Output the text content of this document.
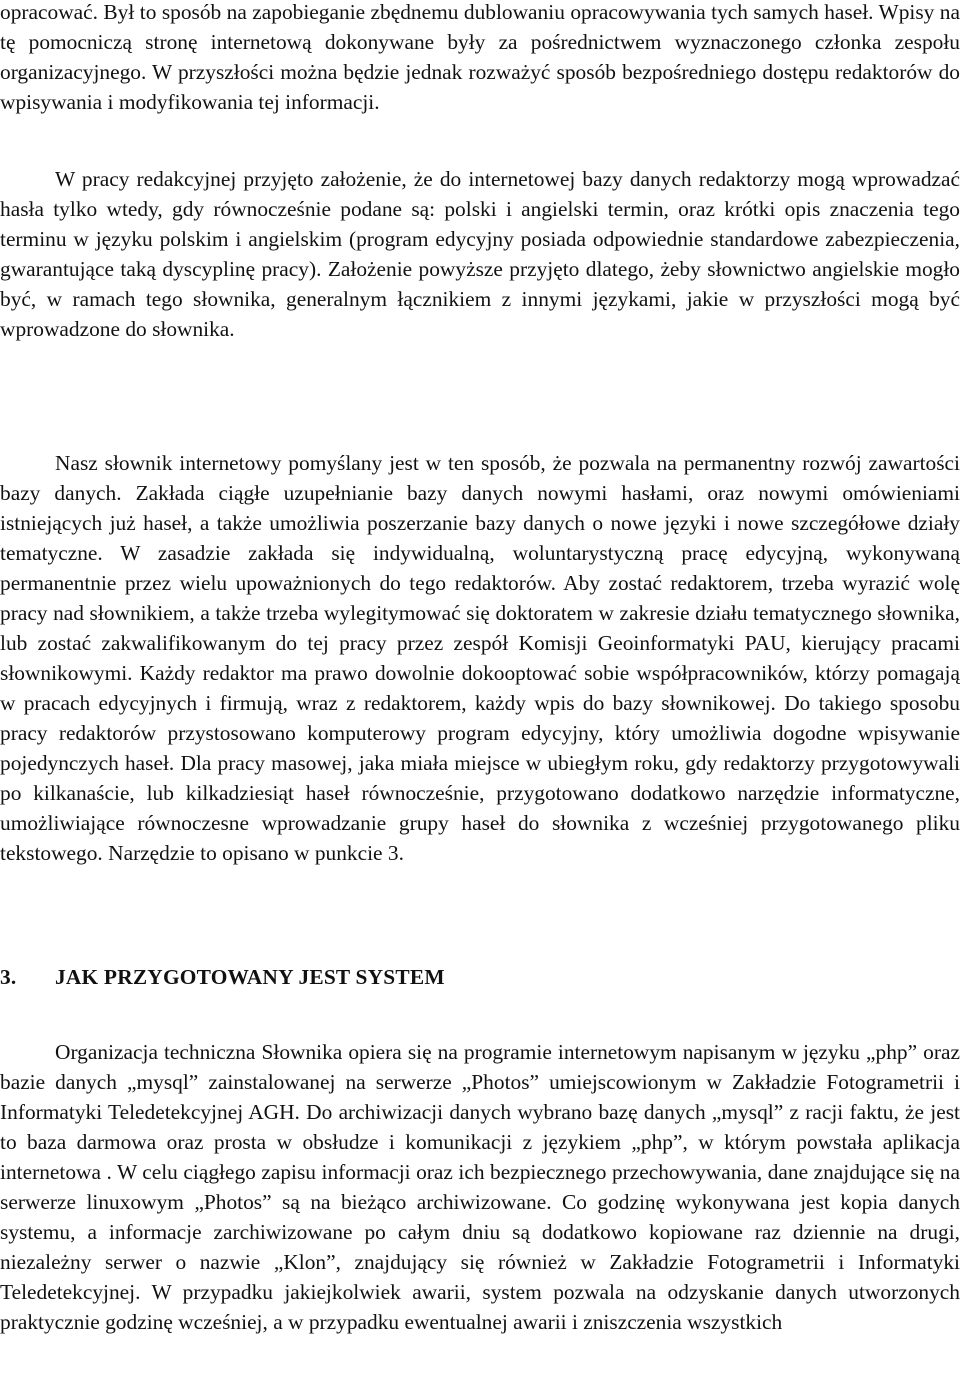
opracować. Był to sposób na zapobieganie zbędnemu dublowaniu opracowywania tych samych haseł. Wpisy na tę pomocniczą stronę internetową dokonywane były za pośrednictwem wyznaczonego członka zespołu organizacyjnego. W przyszłości można będzie jednak rozważyć sposób bezpośredniego dostępu redaktorów do wpisywania i modyfikowania tej informacji.

W pracy redakcyjnej przyjęto założenie, że do internetowej bazy danych redaktorzy mogą wprowadzać hasła tylko wtedy, gdy równocześnie podane są: polski i angielski termin, oraz krótki opis znaczenia tego terminu w języku polskim i angielskim (program edycyjny posiada odpowiednie standardowe zabezpieczenia, gwarantujące taką dyscyplinę pracy). Założenie powyższe przyjęto dlatego, żeby słownictwo angielskie mogło być, w ramach tego słownika, generalnym łącznikiem z innymi językami, jakie w przyszłości mogą być wprowadzone do słownika.

Nasz słownik internetowy pomyślany jest w ten sposób, że pozwala na permanentny rozwój zawartości bazy danych. Zakłada ciągłe uzupełnianie bazy danych nowymi hasłami, oraz nowymi omówieniami istniejących już haseł, a także umożliwia poszerzanie bazy danych o nowe języki i nowe szczegółowe działy tematyczne. W zasadzie zakłada się indywidualną, woluntarystyczną pracę edycyjną, wykonywaną permanentnie przez wielu upoważnionych do tego redaktorów. Aby zostać redaktorem, trzeba wyrazić wolę pracy nad słownikiem, a także trzeba wylegitymować się doktoratem w zakresie działu tematycznego słownika, lub zostać zakwalifikowanym do tej pracy przez zespół Komisji Geoinformatyki PAU, kierujący pracami słownikowymi. Każdy redaktor ma prawo dowolnie dokooptować sobie współpracowników, którzy pomagają w pracach edycyjnych i firmują, wraz z redaktorem, każdy wpis do bazy słownikowej. Do takiego sposobu pracy redaktorów przystosowano komputerowy program edycyjny, który umożliwia dogodne wpisywanie pojedynczych haseł. Dla pracy masowej, jaka miała miejsce w ubiegłym roku, gdy redaktorzy przygotowywali po kilkanaście, lub kilkadziesiąt haseł równocześnie, przygotowano dodatkowo narzędzie informatyczne, umożliwiające równoczesne wprowadzanie grupy haseł do słownika z wcześniej przygotowanego pliku tekstowego. Narzędzie to opisano w punkcie 3.

3. JAK PRZYGOTOWANY JEST SYSTEM

Organizacja techniczna Słownika opiera się na programie internetowym napisanym w języku „php” oraz bazie danych „mysql” zainstalowanej na serwerze „Photos” umiejscowionym w Zakładzie Fotogrametrii i Informatyki Teledetekcyjnej AGH. Do archiwizacji danych wybrano bazę danych „mysql” z racji faktu, że jest to baza darmowa oraz prosta w obsłudze i komunikacji z językiem „php”, w którym powstała aplikacja internetowa . W celu ciągłego zapisu informacji oraz ich bezpiecznego przechowywania, dane znajdujące się na serwerze linuxowym „Photos” są na bieżąco archiwizowane. Co godzinę wykonywana jest kopia danych systemu, a informacje zarchiwizowane po całym dniu są dodatkowo kopiowane raz dziennie na drugi, niezależny serwer o nazwie „Klon”, znajdujący się również w Zakładzie Fotogrametrii i Informatyki Teledetekcyjnej. W przypadku jakiejkolwiek awarii, system pozwala na odzyskanie danych utworzonych praktycznie godzinę wcześniej, a w przypadku ewentualnej awarii i zniszczenia wszystkich
